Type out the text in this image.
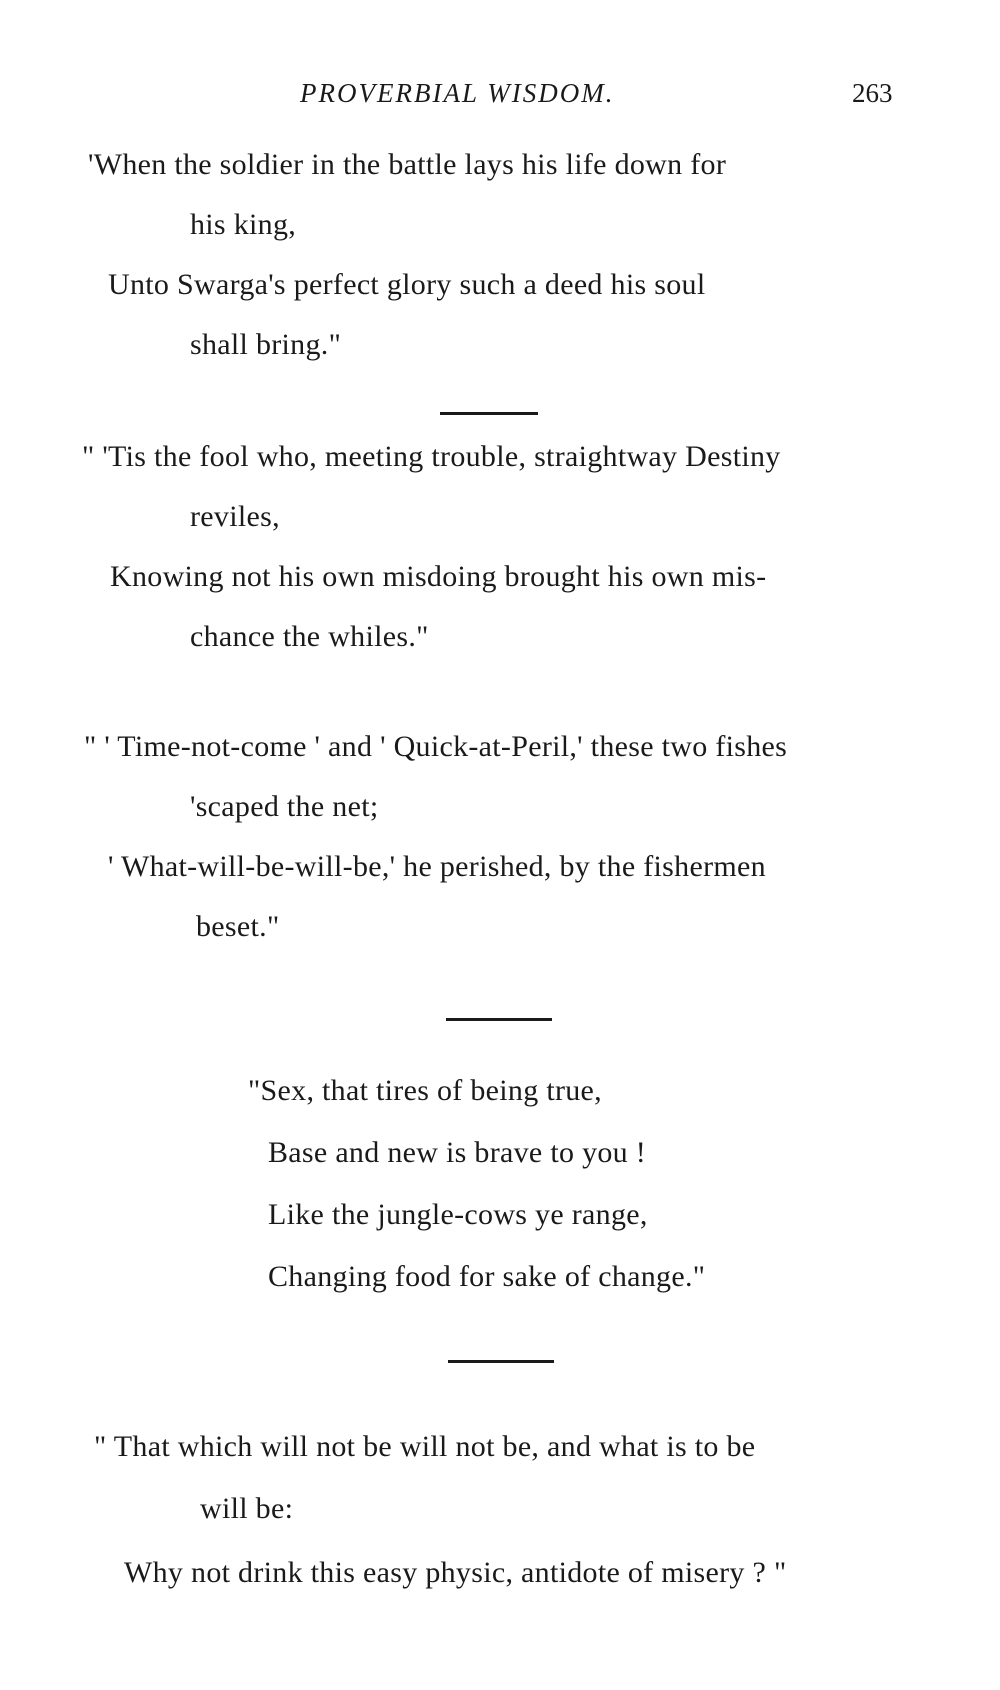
PROVERBIAL WISDOM.	263
'When the soldier in the battle lays his life down for
his king,
Unto Swarga's perfect glory such a deed his soul
shall bring."
" 'Tis the fool who, meeting trouble, straightway Destiny
reviles,
Knowing not his own misdoing brought his own mis-
chance the whiles."
" ' Time-not-come ' and ' Quick-at-Peril,' these two fishes
'scaped the net;
' What-will-be-will-be,' he perished, by the fishermen
beset."
"Sex, that tires of being true,
Base and new is brave to you !
Like the jungle-cows ye range,
Changing food for sake of change."
" That which will not be will not be, and what is to be
will be:
Why not drink this easy physic, antidote of misery ? "
